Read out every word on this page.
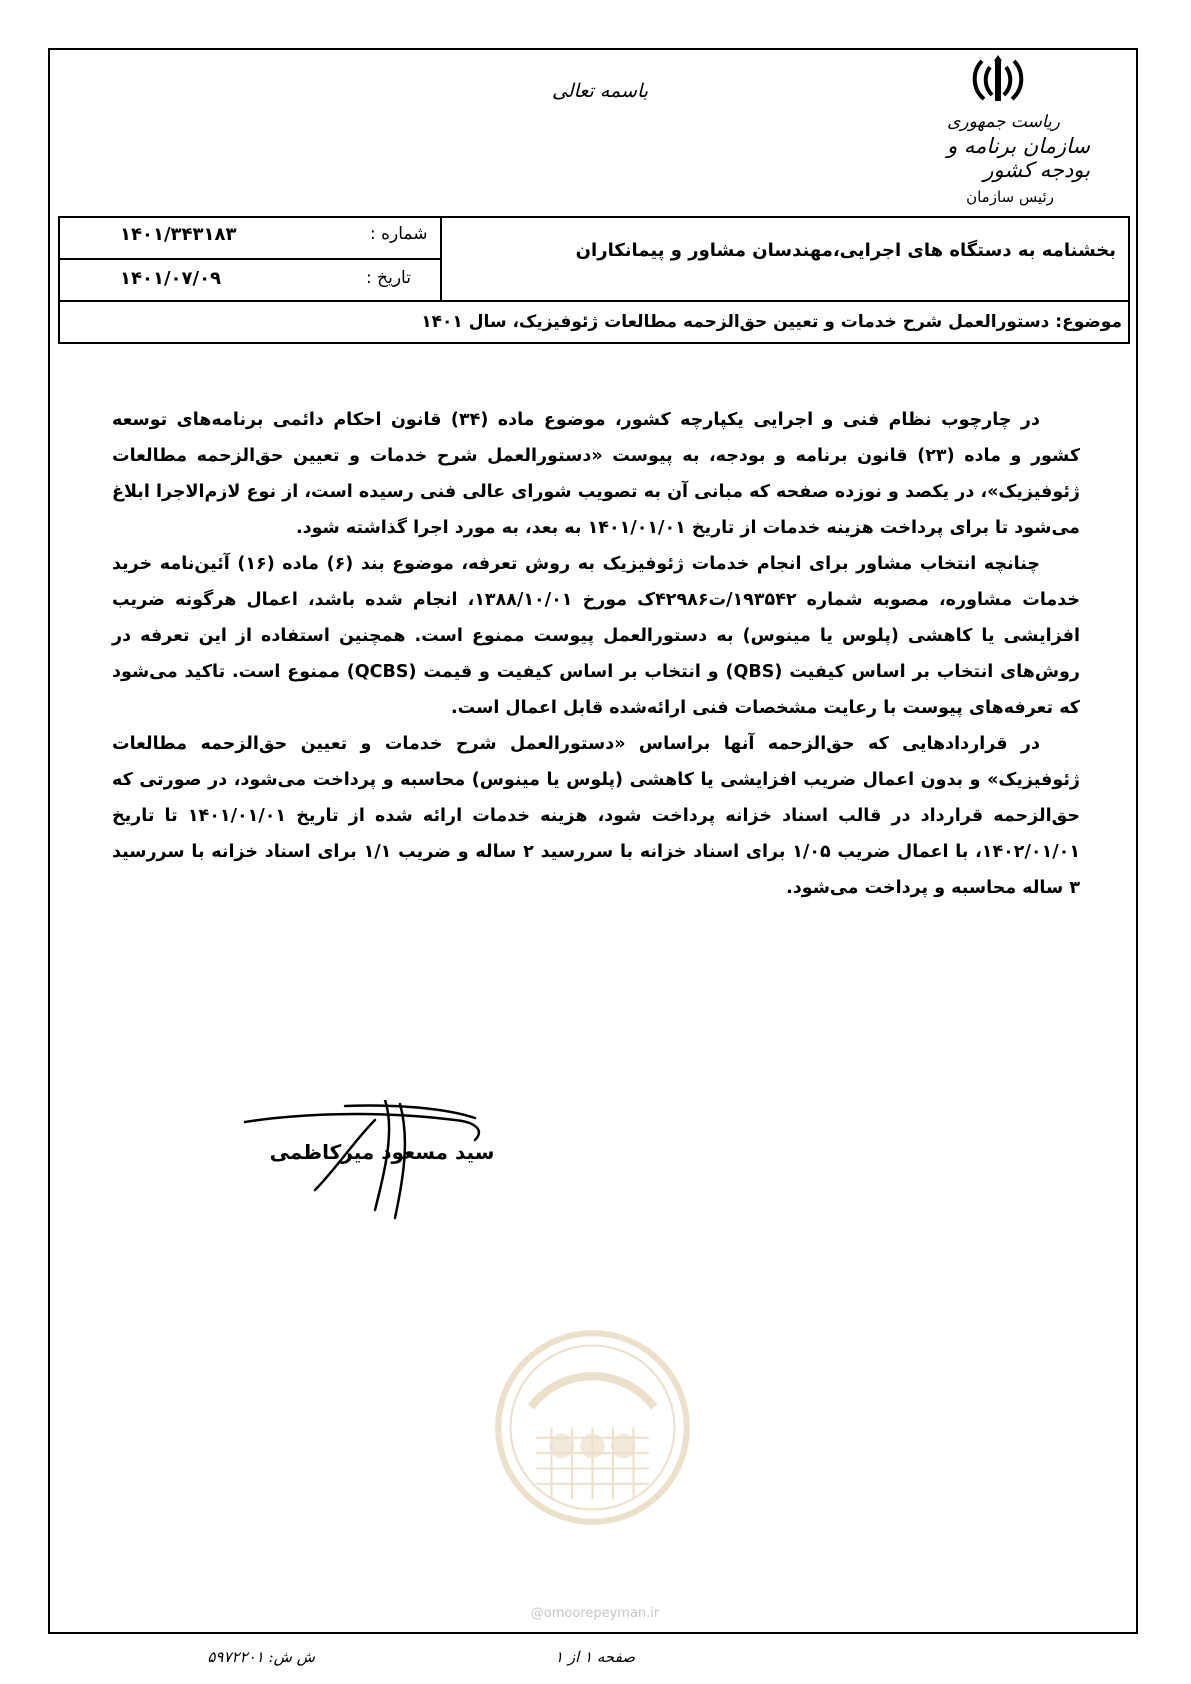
باسمه تعالی
ریاست جمهوری
سازمان برنامه و بودجه کشور
رئیس سازمان
بخشنامه به دستگاه های اجرایی،مهندسان مشاور و پیمانکاران
شماره :
۱۴۰۱/۳۴۳۱۸۳
تاریخ :
۱۴۰۱/۰۷/۰۹
موضوع: دستورالعمل شرح خدمات و تعیین حق‌الزحمه مطالعات ژئوفیزیک، سال ۱۴۰۱

در چارچوب نظام فنی و اجرایی یکپارچه کشور، موضوع ماده (۳۴) قانون احکام دائمی برنامه‌های توسعه کشور و ماده (۲۳) قانون برنامه و بودجه، به پیوست «دستورالعمل شرح خدمات و تعیین حق‌الزحمه مطالعات ژئوفیزیک»، در یکصد و نوزده صفحه که مبانی آن به تصویب شورای عالی فنی رسیده است، از نوع لازم‌الاجرا ابلاغ می‌شود تا برای پرداخت هزینه خدمات از تاریخ ۱۴۰۱/۰۱/۰۱ به بعد، به مورد اجرا گذاشته شود.

چنانچه انتخاب مشاور برای انجام خدمات ژئوفیزیک به روش تعرفه، موضوع بند (۶) ماده (۱۶) آئین‌نامه خرید خدمات مشاوره، مصوبه شماره ۱۹۳۵۴۲/ت۴۲۹۸۶ک مورخ ۱۳۸۸/۱۰/۰۱، انجام شده باشد، اعمال هرگونه ضریب افزایشی یا کاهشی (پلوس یا مینوس) به دستورالعمل پیوست ممنوع است. همچنین استفاده از این تعرفه در روش‌های انتخاب بر اساس کیفیت (QBS) و انتخاب بر اساس کیفیت و قیمت (QCBS) ممنوع است. تاکید می‌شود که تعرفه‌های پیوست با رعایت مشخصات فنی ارائه‌شده قابل اعمال است.

در قراردادهایی که حق‌الزحمه آنها براساس «دستورالعمل شرح خدمات و تعیین حق‌الزحمه مطالعات ژئوفیزیک» و بدون اعمال ضریب افزایشی یا کاهشی (پلوس یا مینوس) محاسبه و پرداخت می‌شود، در صورتی که حق‌الزحمه قرارداد در قالب اسناد خزانه پرداخت شود، هزینه خدمات ارائه شده از تاریخ ۱۴۰۱/۰۱/۰۱ تا تاریخ ۱۴۰۲/۰۱/۰۱، با اعمال ضریب ۱/۰۵ برای اسناد خزانه با سررسید ۲ ساله و ضریب ۱/۱ برای اسناد خزانه با سررسید ۳ ساله محاسبه و پرداخت می‌شود.

سید مسعود میرکاظمی
@omoorepeyman.ir
ش ش: ۵۹۷۲۲۰۱	صفحه ۱ از ۱
